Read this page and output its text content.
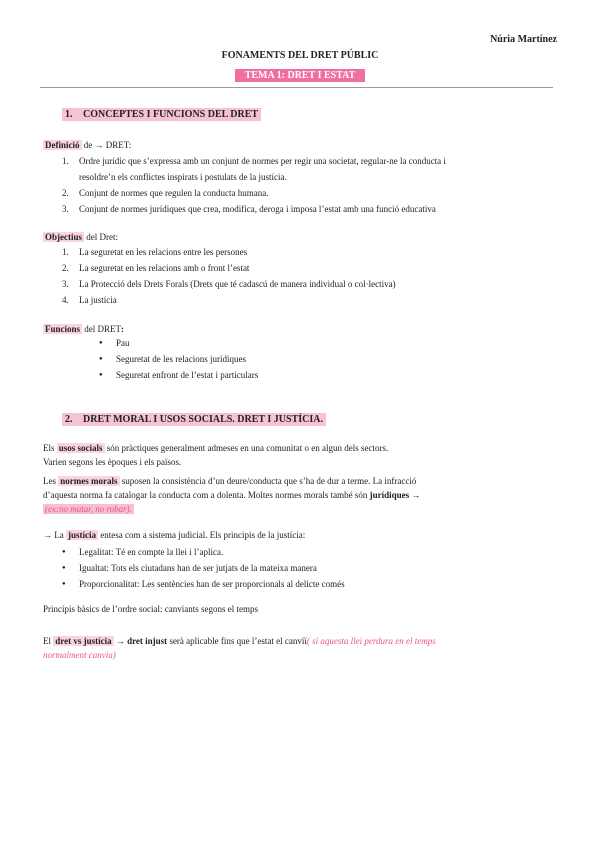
Núria Martínez
FONAMENTS DEL DRET PÚBLIC
TEMA 1: DRET I ESTAT
1. CONCEPTES I FUNCIONS DEL DRET
Definició de → DRET:
1. Ordre jurídic que s’expressa amb un conjunt de normes per regir una societat, regular-ne la conducta i
resoldre’n els conflictes inspirats i postulats de la justícia.
2. Conjunt de normes que regulen la conducta humana.
3. Conjunt de normes jurídiques que crea, modifica, deroga i imposa l’estat amb una funció educativa
Objectius del Dret:
1. La seguretat en les relacions entre les persones
2. La seguretat en les relacions amb o front l’estat
3. La Protecció dels Drets Forals (Drets que té cadascú de manera individual o col·lectiva)
4. La justícia
Funcions del DRET:
● Pau
● Seguretat de les relacions jurídiques
● Seguretat enfront de l’estat i particulars
2. DRET MORAL I USOS SOCIALS. DRET I JUSTÍCIA.
Els usos socials són pràctiques generalment admeses en una comunitat o en algun dels sectors.
Varien segons les èpoques i els països.
Les normes morals suposen la consistència d’un deure/conducta que s’ha de dur a terme. La infracció
d’aquesta norma fa catalogar la conducta com a dolenta. Moltes normes morals també són jurídiques →
(ex:no matar, no robar).
→ La justícia entesa com a sistema judicial. Els principis de la justícia:
● Legalitat: Té en compte la llei i l’aplica.
● Igualtat: Tots els ciutadans han de ser jutjats de la mateixa manera
● Proporcionalitat: Les sentències han de ser proporcionals al delicte comés
Principis bàsics de l’ordre social: canviants segons el temps
El dret vs justícia → dret injust serà aplicable fins que l’estat el canviï( si aquesta llei perdura en el temps
normalment canvia)
